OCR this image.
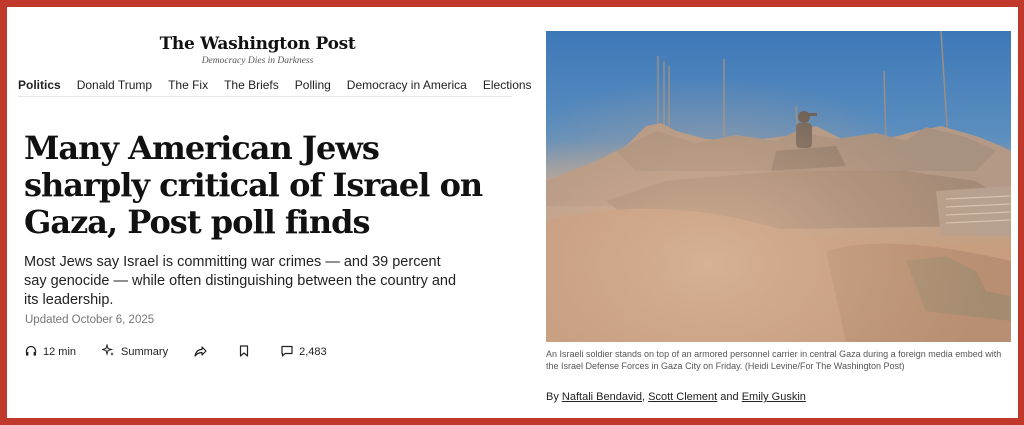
The Washington Post
Democracy Dies in Darkness
Politics Donald Trump The Fix The Briefs Polling Democracy in America Elections
Many American Jews sharply critical of Israel on Gaza, Post poll finds
Most Jews say Israel is committing war crimes — and 39 percent say genocide — while often distinguishing between the country and its leadership.
Updated October 6, 2025
12 min	Summary	2,483	An Israeli soldier stands on top of an armored personnel carrier in central Gaza during a foreign media embed with the Israel Defense Forces in Gaza City on Friday. (Heidi Levine/For The Washington Post)
By Naftali Bendavid, Scott Clement and Emily Guskin
